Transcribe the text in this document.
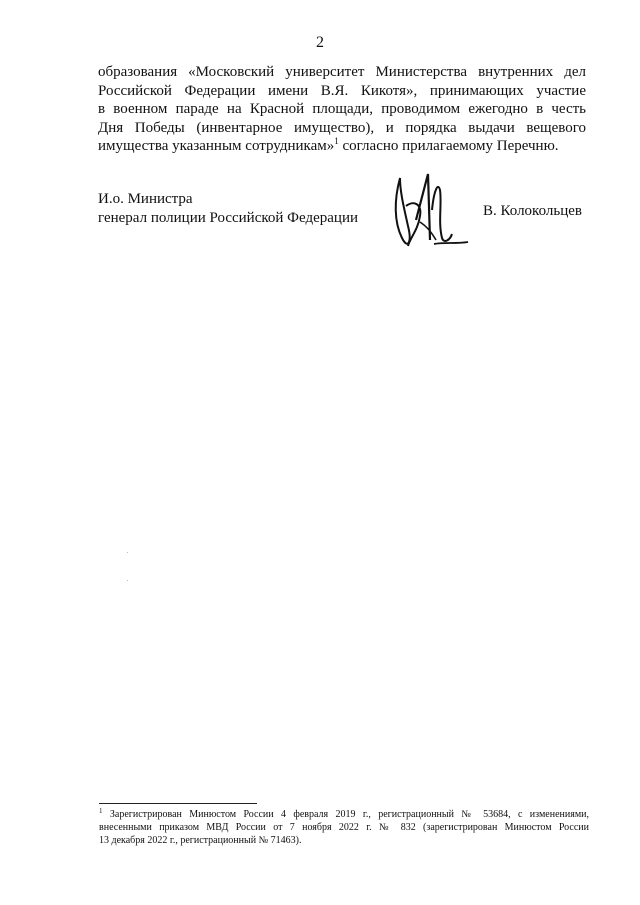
2
образования «Московский университет Министерства внутренних дел
Российской Федерации имени В.Я. Кикотя», принимающих участие
в военном параде на Красной площади, проводимом ежегодно в честь
Дня Победы (инвентарное имущество), и порядка выдачи вещевого
имущества указанным сотрудникам»$^1$ согласно прилагаемому Перечню.
И.о. Министра
генерал полиции Российской Федерации	В. Колокольцев
$^1$ Зарегистрирован Минюстом России 4 февраля 2019 г., регистрационный № 53684, с изменениями,
внесенными приказом МВД России от 7 ноября 2022 г. № 832 (зарегистрирован Минюстом России
13 декабря 2022 г., регистрационный № 71463).
